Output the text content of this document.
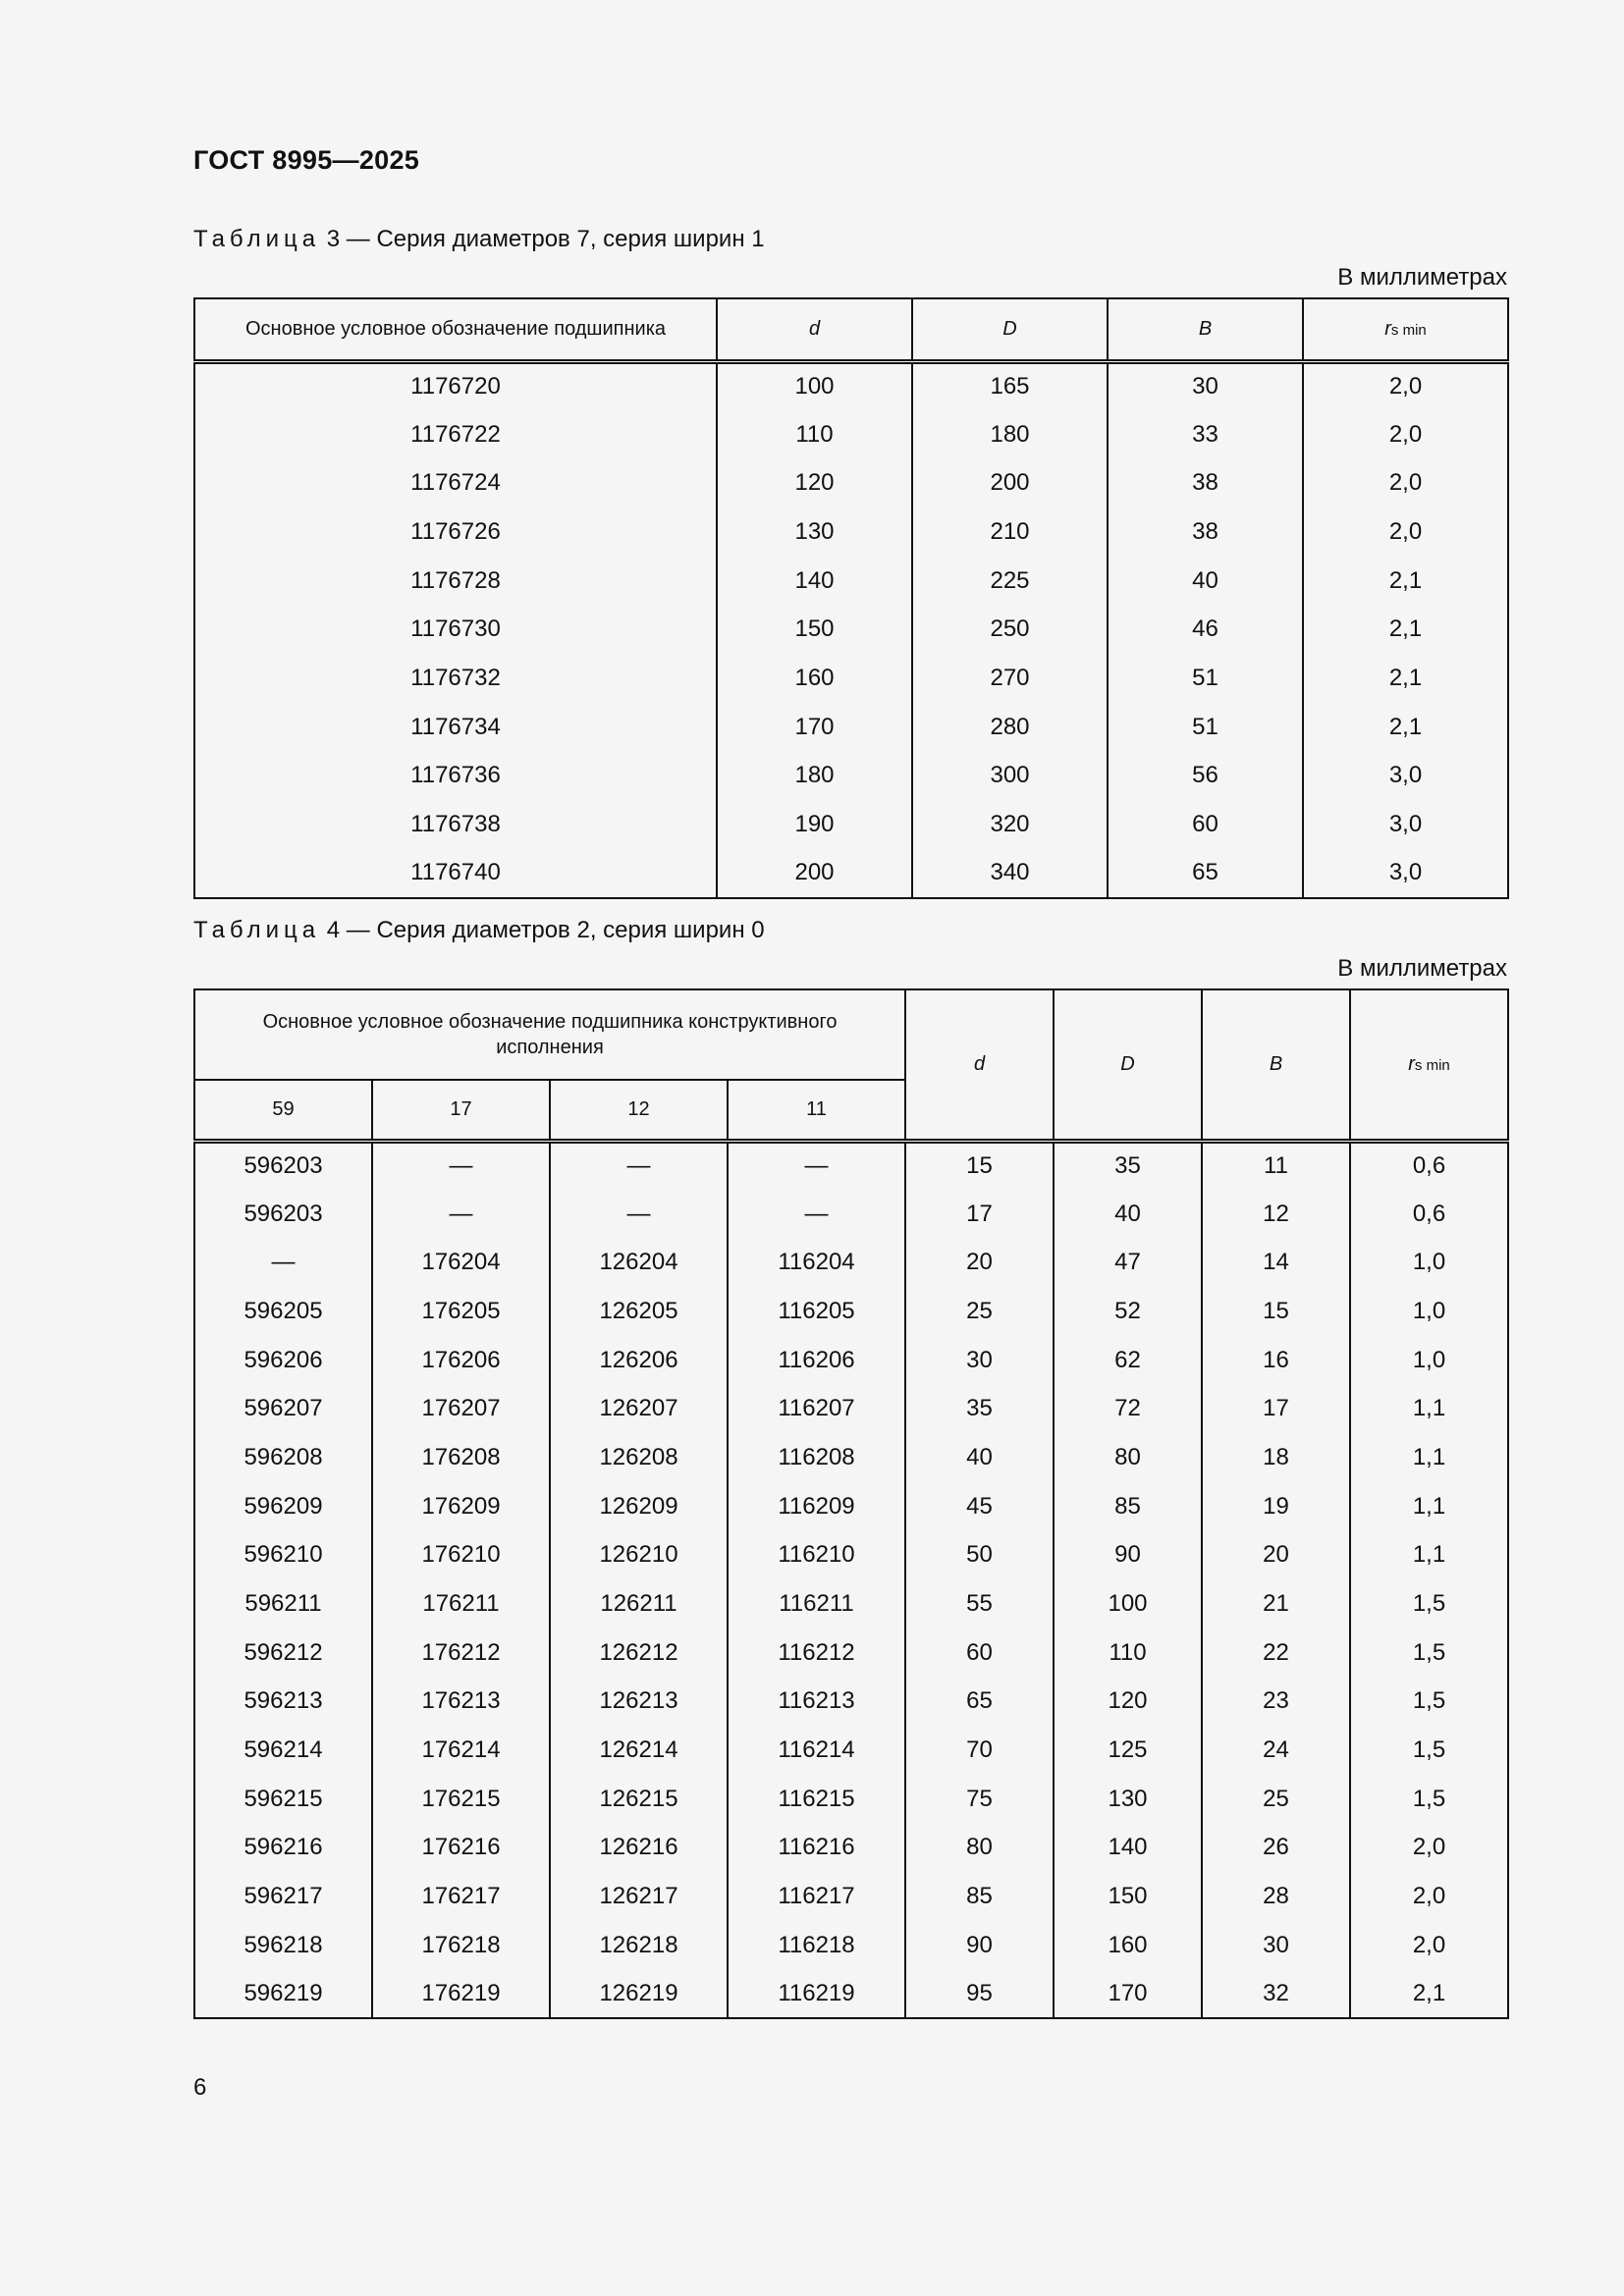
ГОСТ 8995—2025
Таблица 3 — Серия диаметров 7, серия ширин 1
В миллиметрах
Основное условное обозначение подшипника	d	D	B	rs min
1176720	100	165	30	2,0
1176722	110	180	33	2,0
1176724	120	200	38	2,0
1176726	130	210	38	2,0
1176728	140	225	40	2,1
1176730	150	250	46	2,1
1176732	160	270	51	2,1
1176734	170	280	51	2,1
1176736	180	300	56	3,0
1176738	190	320	60	3,0
1176740	200	340	65	3,0
Таблица 4 — Серия диаметров 2, серия ширин 0
В миллиметрах
Основное условное обозначение подшипника конструктивного исполнения				d	D	B	rs min
59	17	12	11				
596203	—	—	—	15	35	11	0,6
596203	—	—	—	17	40	12	0,6
—	176204	126204	116204	20	47	14	1,0
596205	176205	126205	116205	25	52	15	1,0
596206	176206	126206	116206	30	62	16	1,0
596207	176207	126207	116207	35	72	17	1,1
596208	176208	126208	116208	40	80	18	1,1
596209	176209	126209	116209	45	85	19	1,1
596210	176210	126210	116210	50	90	20	1,1
596211	176211	126211	116211	55	100	21	1,5
596212	176212	126212	116212	60	110	22	1,5
596213	176213	126213	116213	65	120	23	1,5
596214	176214	126214	116214	70	125	24	1,5
596215	176215	126215	116215	75	130	25	1,5
596216	176216	126216	116216	80	140	26	2,0
596217	176217	126217	116217	85	150	28	2,0
596218	176218	126218	116218	90	160	30	2,0
596219	176219	126219	116219	95	170	32	2,1
6
